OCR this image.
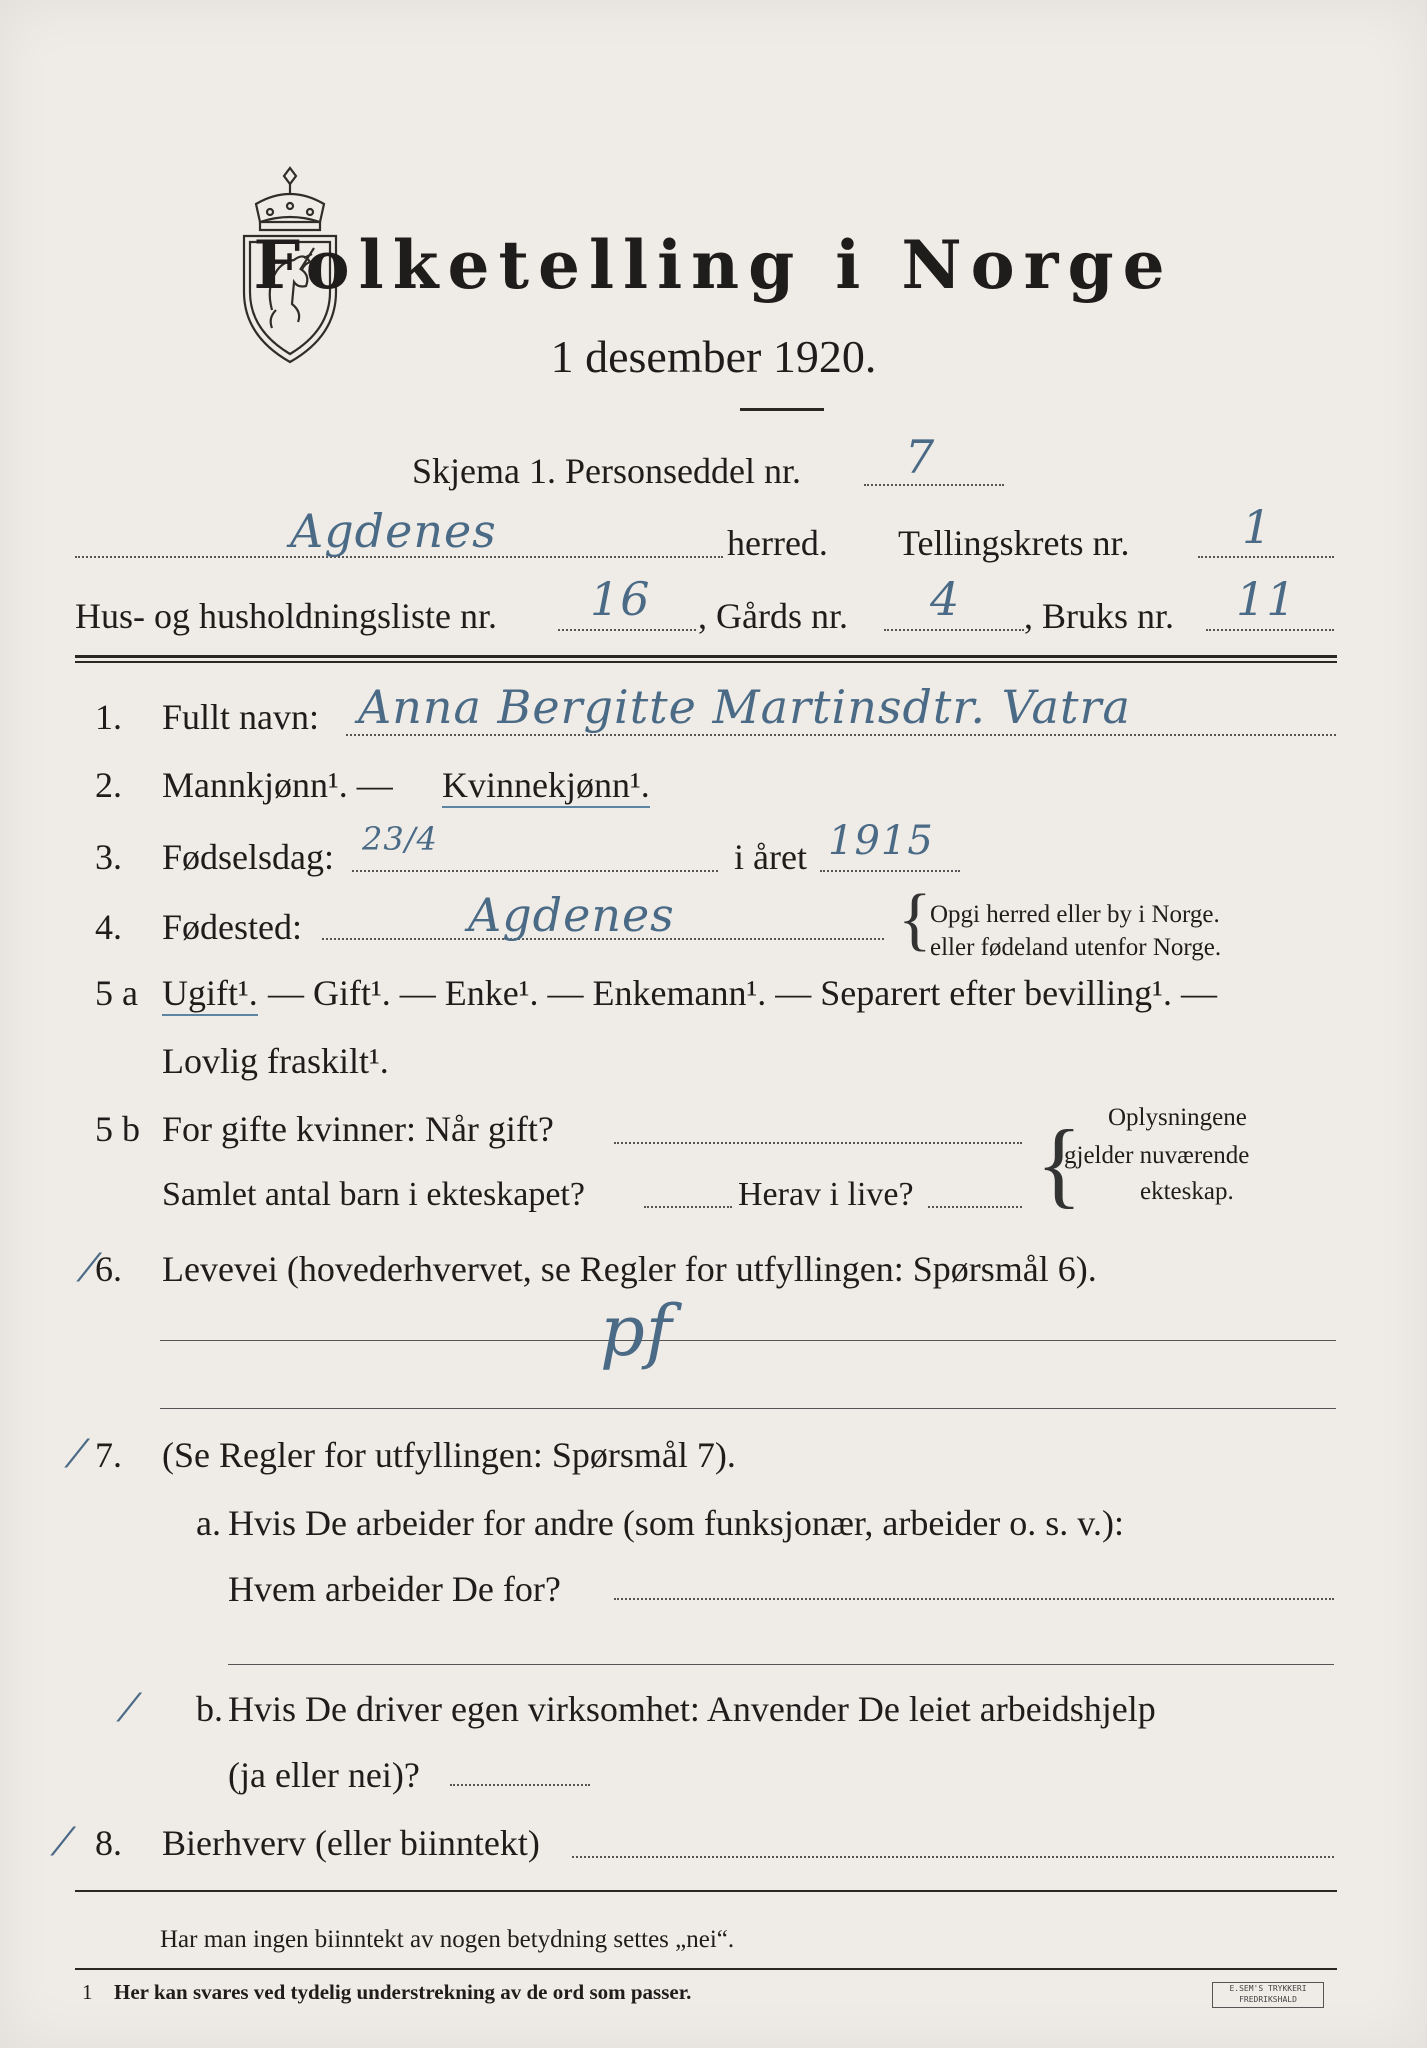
Folketelling i Norge
1 desember 1920.
Skjema 1. Personseddel nr. 7
Agdenes	herred. Tellingskrets nr. 1
Hus- og husholdningsliste nr. 16 , Gårds nr. 4 , Bruks nr. 11
1. Fullt navn: Anna Bergitte Martinsdtr. Vatra
2. Mannkjønn¹. — Kvinnekjønn¹.
3. Fødselsdag: 23/4	i året 1915
4. Fødested:	Agdenes	{
Opgi herred eller by i Norge.
eller fødeland utenfor Norge.
5 a Ugift¹. — Gift¹. — Enke¹. — Enkemann¹. — Separert efter bevilling¹. —
Lovlig fraskilt¹.
5 b For gifte kvinner: Når gift?
Samlet antal barn i ekteskapet?	Herav i live? { Oplysningene
gjelder nuværende
ekteskap.
6. Levevei (hovederhvervet, se Regler for utfyllingen: Spørsmål 6).
pf
7. (Se Regler for utfyllingen: Spørsmål 7).
a. Hvis De arbeider for andre (som funksjonær, arbeider o. s. v.):
Hvem arbeider De for?
b. Hvis De driver egen virksomhet: Anvender De leiet arbeidshjelp
(ja eller nei)?
8. Bierhverv (eller biinntekt)
⁄
⁄
⁄
⁄
Har man ingen biinntekt av nogen betydning settes „nei“.
1 Her kan svares ved tydelig understrekning av de ord som passer.	E.SEM'S TRYKKERI
FREDRIKSHALD
